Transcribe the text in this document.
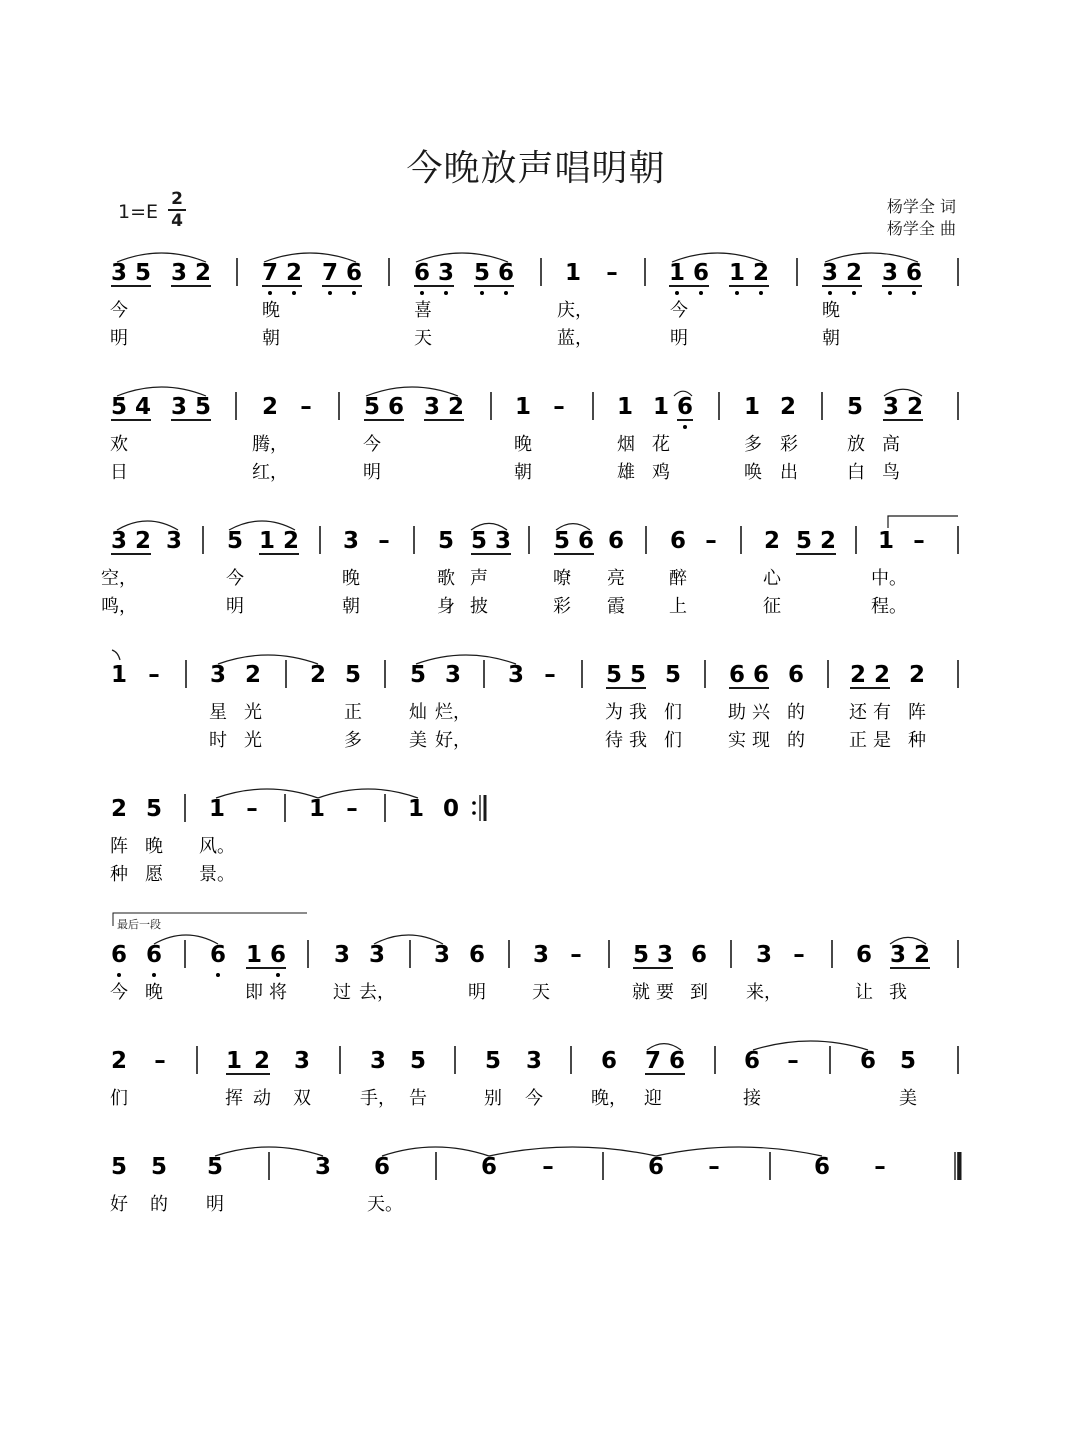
今晚放声唱明朝
1=E
2
4
杨学全 词
杨学全 曲
最后一段
3 5 3 2 7 2 7 6 6 3 5 6 1 – 1 6 1 2 3 2 3 6
今	晚	喜	庆，	今	晚
明	朝	天	蓝，	明	朝
5 4 3 5 2 – 5 6 3 2 1 – 1 1 6 1 2 5 3 2
欢	腾，	今	晚	烟 花	多 彩	放 高
日	红，	明	朝	雄 鸡	唤 出	白 鸟
3 2 3 5 1 2 3 – 5 5 3 5 6 6 6 – 2 5 2 1 –
空，	今	晚	歌 声	嘹 亮 醉	心	中。
鸣，	明	朝	身 披	彩 霞 上	征	程。
1 – 3 2 2 5 5 3 3 – 5 5 5 6 6 6 2 2 2
星 光	正	灿 烂，	为 我 们	助 兴 的 还 有 阵
时 光	多	美 好，	待 我 们	实 现 的 正 是 种
2 5 1 – 1 – 1 0
阵 晚 风。
种 愿 景。
6 6 6 1 6 3 3 3 6 3 – 5 3 6 3 – 6 3 2
今 晚	即 将	过 去，	明	天	就 要 到 来，	让 我
2 –	1 2 3	3 5	5 3	6 7 6	6 –	6 5
们	挥 动 双	手， 告	别 今	晚， 迎	接	美
5 5 5	3 6	6 –	6 –	6 –
好 的 明	天。
